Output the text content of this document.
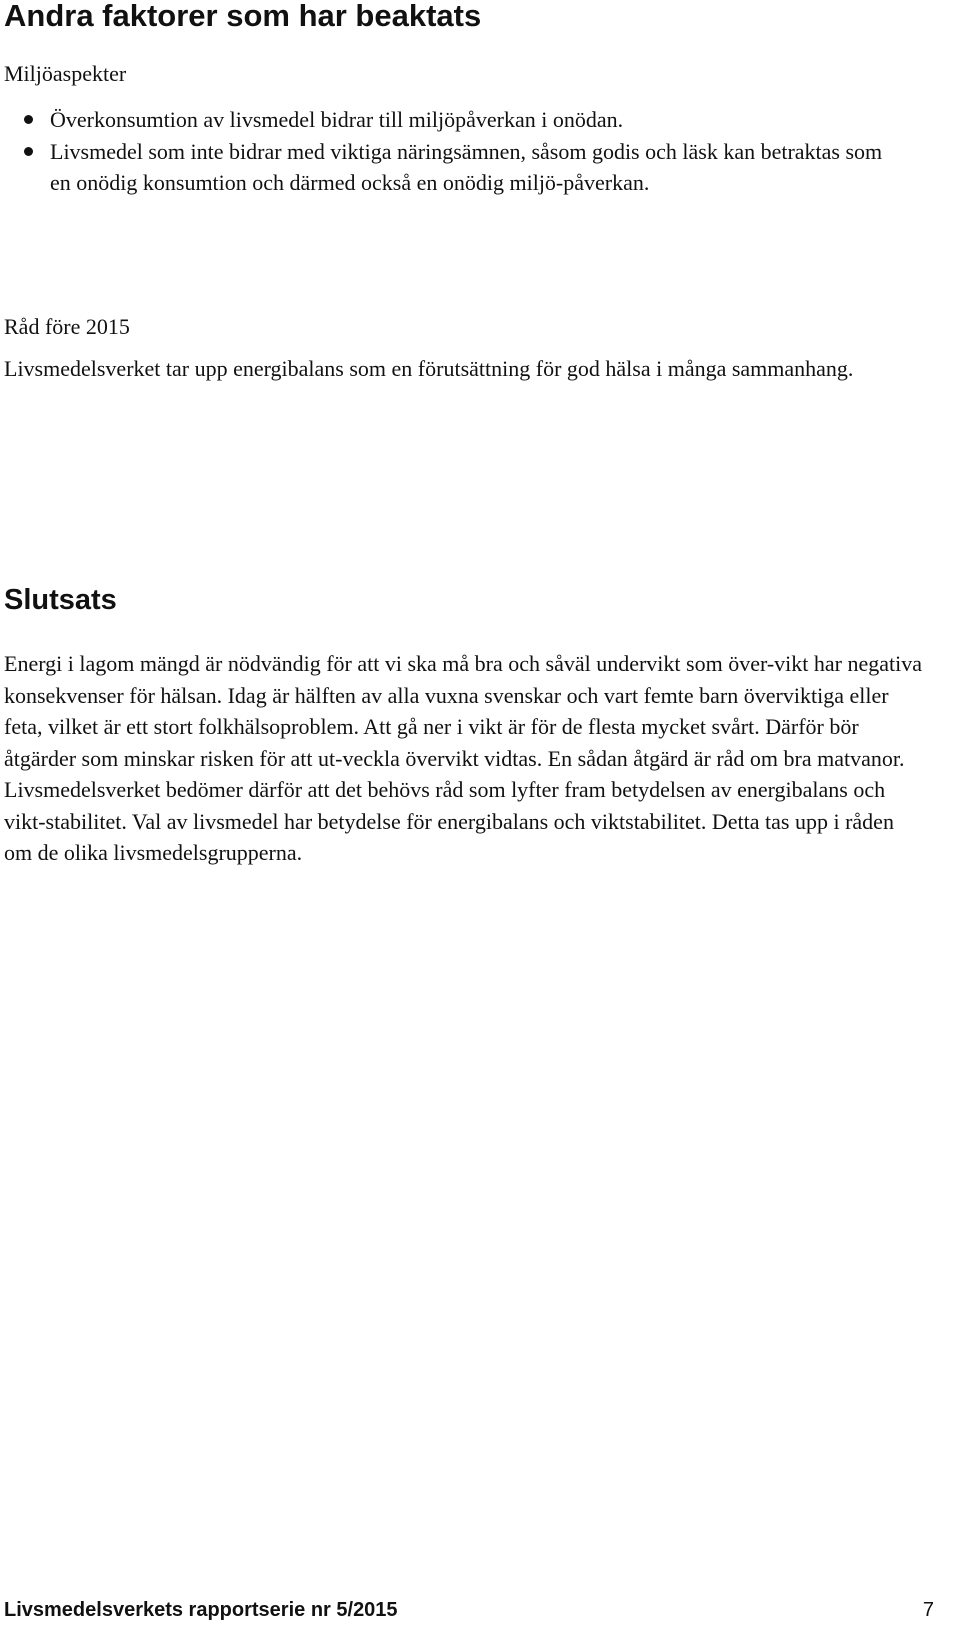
Andra faktorer som har beaktats

Miljöaspekter

Överkonsumtion av livsmedel bidrar till miljöpåverkan i onödan.
Livsmedel som inte bidrar med viktiga näringsämnen, såsom godis och läsk kan betraktas som en onödig konsumtion och därmed också en onödig miljö-påverkan.

Råd före 2015

Livsmedelsverket tar upp energibalans som en förutsättning för god hälsa i många sammanhang.

Slutsats

Energi i lagom mängd är nödvändig för att vi ska må bra och såväl undervikt som över-vikt har negativa konsekvenser för hälsan. Idag är hälften av alla vuxna svenskar och vart femte barn överviktiga eller feta, vilket är ett stort folkhälsoproblem. Att gå ner i vikt är för de flesta mycket svårt. Därför bör åtgärder som minskar risken för att ut-veckla övervikt vidtas. En sådan åtgärd är råd om bra matvanor. Livsmedelsverket bedömer därför att det behövs råd som lyfter fram betydelsen av energibalans och vikt-stabilitet. Val av livsmedel har betydelse för energibalans och viktstabilitet. Detta tas upp i råden om de olika livsmedelsgrupperna.

Livsmedelsverkets rapportserie nr 5/2015	7
